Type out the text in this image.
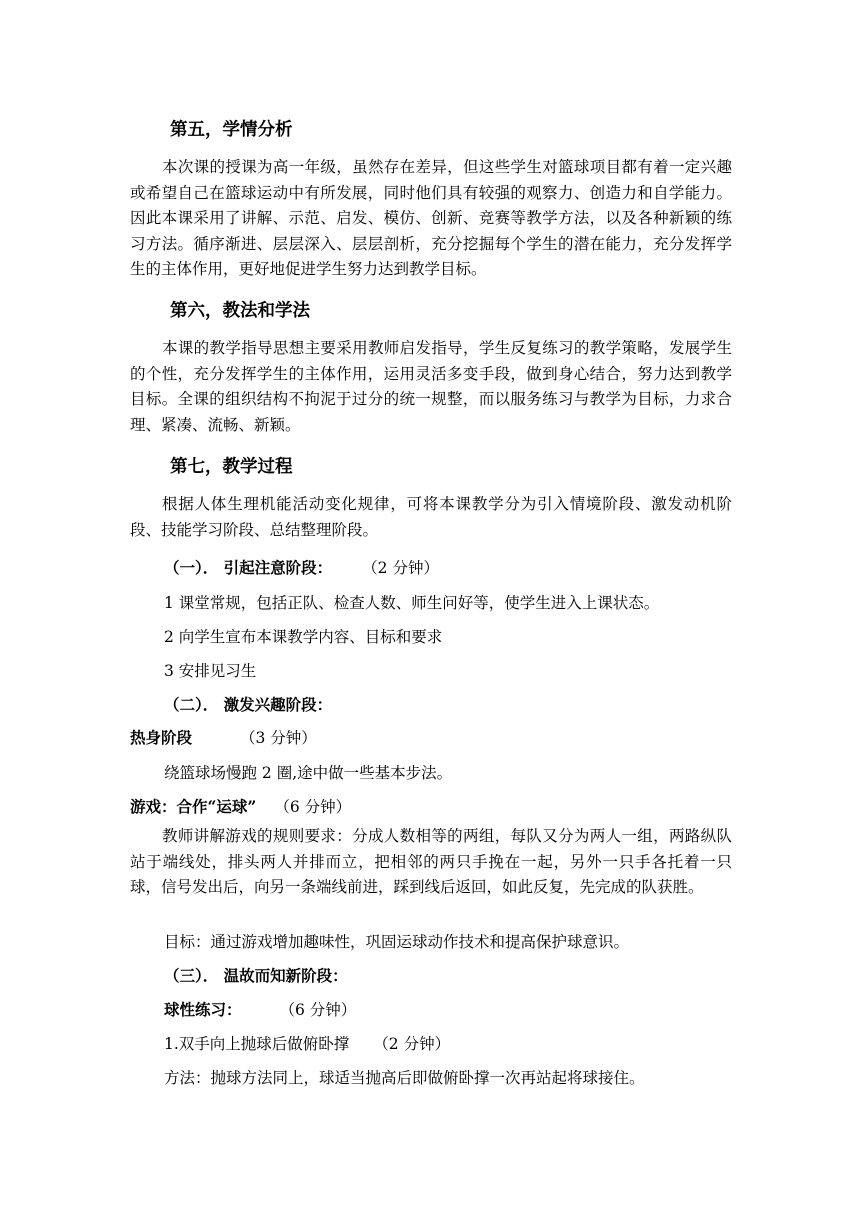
第五，学情分析
本次课的授课为高一年级，虽然存在差异，但这些学生对篮球项目都有着一定兴趣或希望自己在篮球运动中有所发展，同时他们具有较强的观察力、创造力和自学能力。因此本课采用了讲解、示范、启发、模仿、创新、竞赛等教学方法，以及各种新颖的练习方法。循序渐进、层层深入、层层剖析，充分挖掘每个学生的潜在能力，充分发挥学生的主体作用，更好地促进学生努力达到教学目标。
第六，教法和学法
本课的教学指导思想主要采用教师启发指导，学生反复练习的教学策略，发展学生的个性，充分发挥学生的主体作用，运用灵活多变手段，做到身心结合，努力达到教学目标。全课的组织结构不拘泥于过分的统一规整，而以服务练习与教学为目标，力求合理、紧凑、流畅、新颖。
第七，教学过程
根据人体生理机能活动变化规律，可将本课教学分为引入情境阶段、激发动机阶段、技能学习阶段、总结整理阶段。
（一）． 引起注意阶段： （2 分钟）
1 课堂常规，包括正队、检查人数、师生问好等，使学生进入上课状态。
2 向学生宣布本课教学内容、目标和要求
3 安排见习生
（二）． 激发兴趣阶段：
热身阶段	（3 分钟）
绕篮球场慢跑 2 圈,途中做一些基本步法。
游戏：合作“运球” （6 分钟）
教师讲解游戏的规则要求：分成人数相等的两组，每队又分为两人一组，两路纵队站于端线处，排头两人并排而立，把相邻的两只手挽在一起，另外一只手各托着一只球，信号发出后，向另一条端线前进，踩到线后返回，如此反复，先完成的队获胜。
目标：通过游戏增加趣味性，巩固运球动作技术和提高保护球意识。
（三）． 温故而知新阶段：
球性练习： （6 分钟）
1.双手向上抛球后做俯卧撑 （2 分钟）
方法：抛球方法同上，球适当抛高后即做俯卧撑一次再站起将球接住。
